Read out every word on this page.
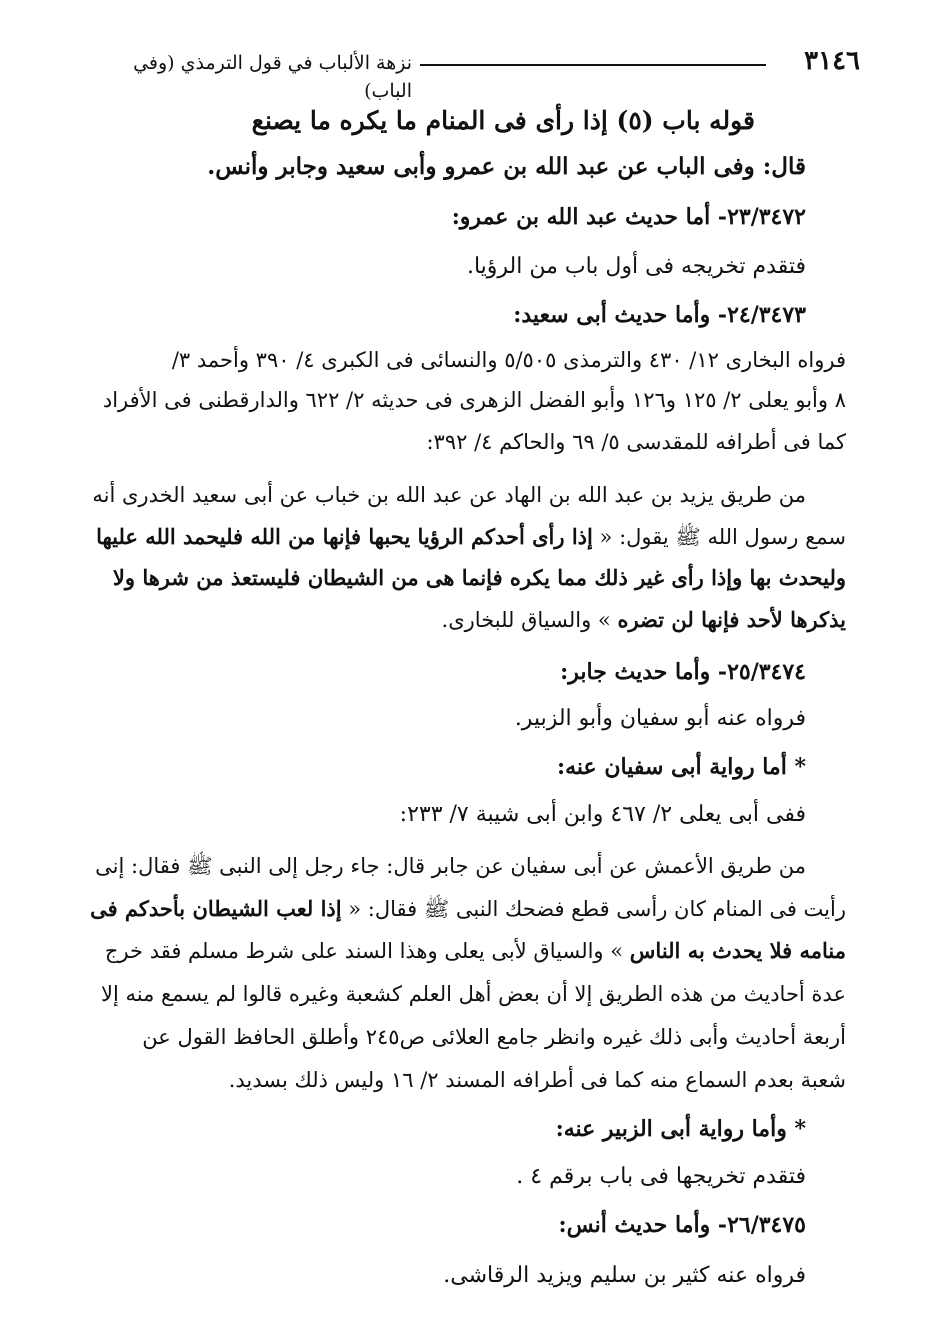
٣١٤٦
نزهة الألباب في قول الترمذي (وفي الباب)
قوله باب (٥) إذا رأى فى المنام ما يكره ما يصنع
قال: وفى الباب عن عبد الله بن عمرو وأبى سعيد وجابر وأنس.
٢٣/٣٤٧٢- أما حديث عبد الله بن عمرو:
فتقدم تخريجه فى أول باب من الرؤيا.
٢٤/٣٤٧٣- وأما حديث أبى سعيد:
فرواه البخارى ١٢/ ٤٣٠ والترمذى ٥/٥٠٥ والنسائى فى الكبرى ٤/ ٣٩٠ وأحمد ٣/
٨ وأبو يعلى ٢/ ١٢٥ و١٢٦ وأبو الفضل الزهرى فى حديثه ٢/ ٦٢٢ والدارقطنى فى الأفراد
كما فى أطرافه للمقدسى ٥/ ٦٩ والحاكم ٤/ ٣٩٢:
من طريق يزيد بن عبد الله بن الهاد عن عبد الله بن خباب عن أبى سعيد الخدرى أنه
سمع رسول الله ﷺ يقول: « إذا رأى أحدكم الرؤيا يحبها فإنها من الله فليحمد الله عليها
وليحدث بها وإذا رأى غير ذلك مما يكره فإنما هى من الشيطان فليستعذ من شرها ولا
يذكرها لأحد فإنها لن تضره » والسياق للبخارى.
٢٥/٣٤٧٤- وأما حديث جابر:
فرواه عنه أبو سفيان وأبو الزبير.
* أما رواية أبى سفيان عنه:
ففى أبى يعلى ٢/ ٤٦٧ وابن أبى شيبة ٧/ ٢٣٣:
من طريق الأعمش عن أبى سفيان عن جابر قال: جاء رجل إلى النبى ﷺ فقال: إنى
رأيت فى المنام كان رأسى قطع فضحك النبى ﷺ فقال: « إذا لعب الشيطان بأحدكم فى
منامه فلا يحدث به الناس » والسياق لأبى يعلى وهذا السند على شرط مسلم فقد خرج
عدة أحاديث من هذه الطريق إلا أن بعض أهل العلم كشعبة وغيره قالوا لم يسمع منه إلا
أربعة أحاديث وأبى ذلك غيره وانظر جامع العلائى ص٢٤٥ وأطلق الحافظ القول عن
شعبة بعدم السماع منه كما فى أطرافه المسند ٢/ ١٦ وليس ذلك بسديد.
* وأما رواية أبى الزبير عنه:
فتقدم تخريجها فى باب برقم ٤ .
٢٦/٣٤٧٥- وأما حديث أنس:
فرواه عنه كثير بن سليم ويزيد الرقاشى.
